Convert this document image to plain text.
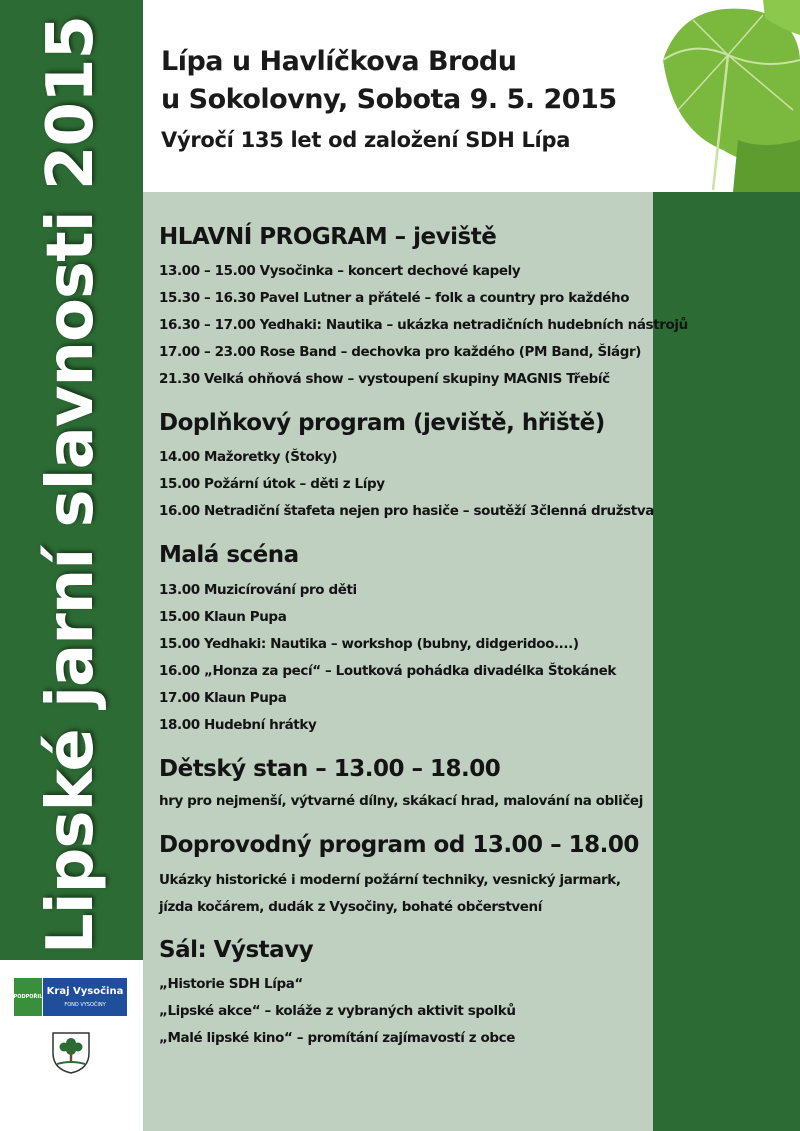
Lipské jarní slavnosti 2015
PODPOŘIL Kraj Vysočina
FOND VYSOČINY
Lípa u Havlíčkova Brodu
u Sokolovny, Sobota 9. 5. 2015
Výročí 135 let od založení SDH Lípa
HLAVNÍ PROGRAM – jeviště
13.00 – 15.00 Vysočinka – koncert dechové kapely
15.30 – 16.30 Pavel Lutner a přátelé – folk a country pro každého
16.30 – 17.00 Yedhaki: Nautika – ukázka netradičních hudebních nástrojů
17.00 – 23.00 Rose Band – dechovka pro každého (PM Band, Šlágr)
21.30 Velká ohňová show – vystoupení skupiny MAGNIS Třebíč
Doplňkový program (jeviště, hřiště)
14.00 Mažoretky (Štoky)
15.00 Požární útok – děti z Lípy
16.00 Netradiční štafeta nejen pro hasiče – soutěží 3členná družstva
Malá scéna
13.00 Muzicírování pro děti
15.00 Klaun Pupa
15.00 Yedhaki: Nautika – workshop (bubny, didgeridoo....)
16.00 „Honza za pecí“ – Loutková pohádka divadélka Štokánek
17.00 Klaun Pupa
18.00 Hudební hrátky
Dětský stan – 13.00 – 18.00
hry pro nejmenší, výtvarné dílny, skákací hrad, malování na obličej
Doprovodný program od 13.00 – 18.00
Ukázky historické i moderní požární techniky, vesnický jarmark,
jízda kočárem, dudák z Vysočiny, bohaté občerstvení
Sál: Výstavy
„Historie SDH Lípa“
„Lipské akce“ – koláže z vybraných aktivit spolků
„Malé lipské kino“ – promítání zajímavostí z obce
